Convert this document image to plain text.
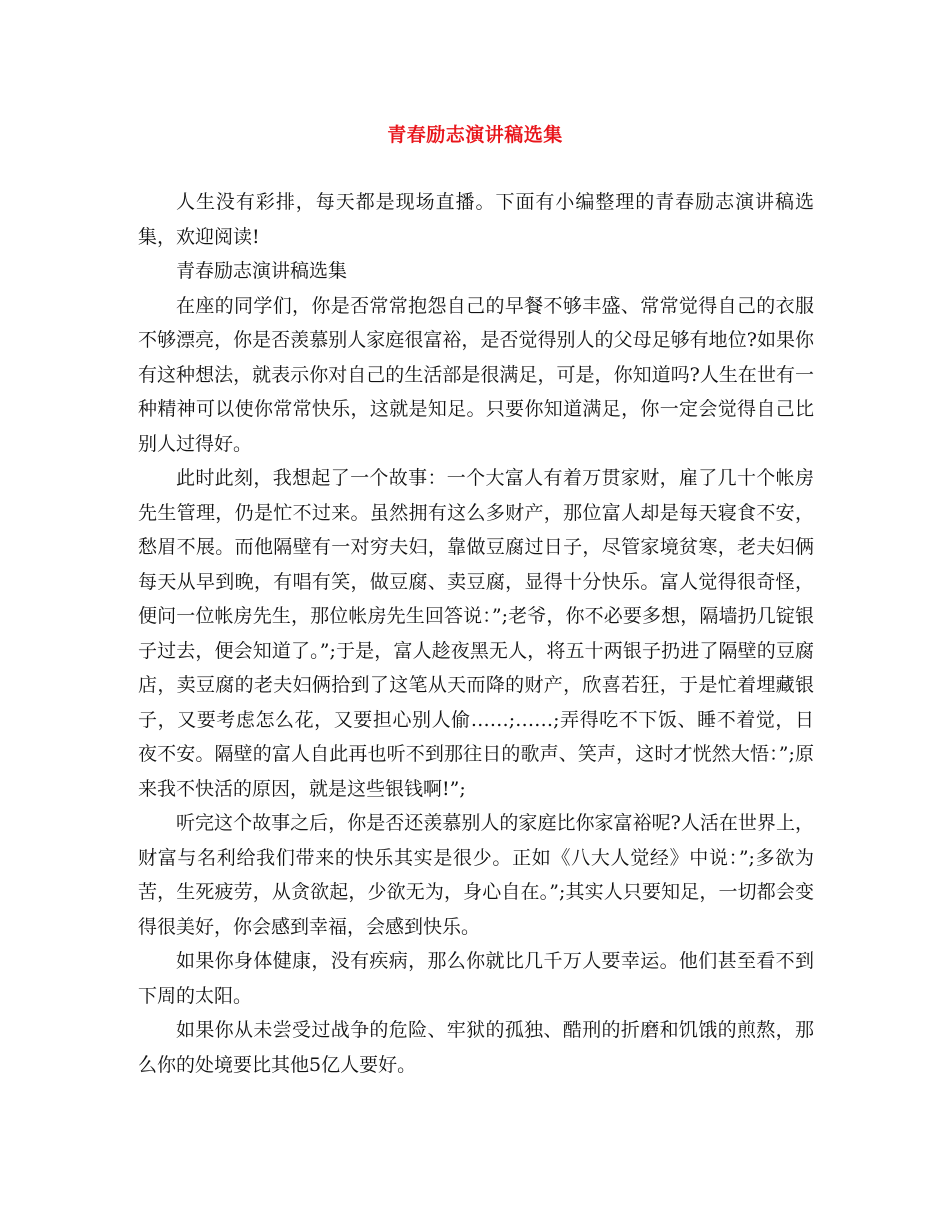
青春励志演讲稿选集

人生没有彩排，每天都是现场直播。下面有小编整理的青春励志演讲稿选集，欢迎阅读!

青春励志演讲稿选集

在座的同学们，你是否常常抱怨自己的早餐不够丰盛、常常觉得自己的衣服不够漂亮，你是否羡慕别人家庭很富裕，是否觉得别人的父母足够有地位?如果你有这种想法，就表示你对自己的生活部是很满足，可是，你知道吗?人生在世有一种精神可以使你常常快乐，这就是知足。只要你知道满足，你一定会觉得自己比别人过得好。

此时此刻，我想起了一个故事：一个大富人有着万贯家财，雇了几十个帐房先生管理，仍是忙不过来。虽然拥有这么多财产，那位富人却是每天寝食不安，愁眉不展。而他隔壁有一对穷夫妇，靠做豆腐过日子，尽管家境贫寒，老夫妇俩每天从早到晚，有唱有笑，做豆腐、卖豆腐，显得十分快乐。富人觉得很奇怪，便问一位帐房先生，那位帐房先生回答说：”;老爷，你不必要多想，隔墙扔几锭银子过去，便会知道了。”;于是，富人趁夜黑无人，将五十两银子扔进了隔壁的豆腐店，卖豆腐的老夫妇俩拾到了这笔从天而降的财产，欣喜若狂，于是忙着埋藏银子，又要考虑怎么花，又要担心别人偷……;……;弄得吃不下饭、睡不着觉，日夜不安。隔壁的富人自此再也听不到那往日的歌声、笑声，这时才恍然大悟：”;原来我不快活的原因，就是这些银钱啊!”;

听完这个故事之后，你是否还羡慕别人的家庭比你家富裕呢?人活在世界上，财富与名利给我们带来的快乐其实是很少。正如《八大人觉经》中说：”;多欲为苦，生死疲劳，从贪欲起，少欲无为，身心自在。”;其实人只要知足，一切都会变得很美好，你会感到幸福，会感到快乐。

如果你身体健康，没有疾病，那么你就比几千万人要幸运。他们甚至看不到下周的太阳。

如果你从未尝受过战争的危险、牢狱的孤独、酷刑的折磨和饥饿的煎熬，那么你的处境要比其他5亿人要好。
